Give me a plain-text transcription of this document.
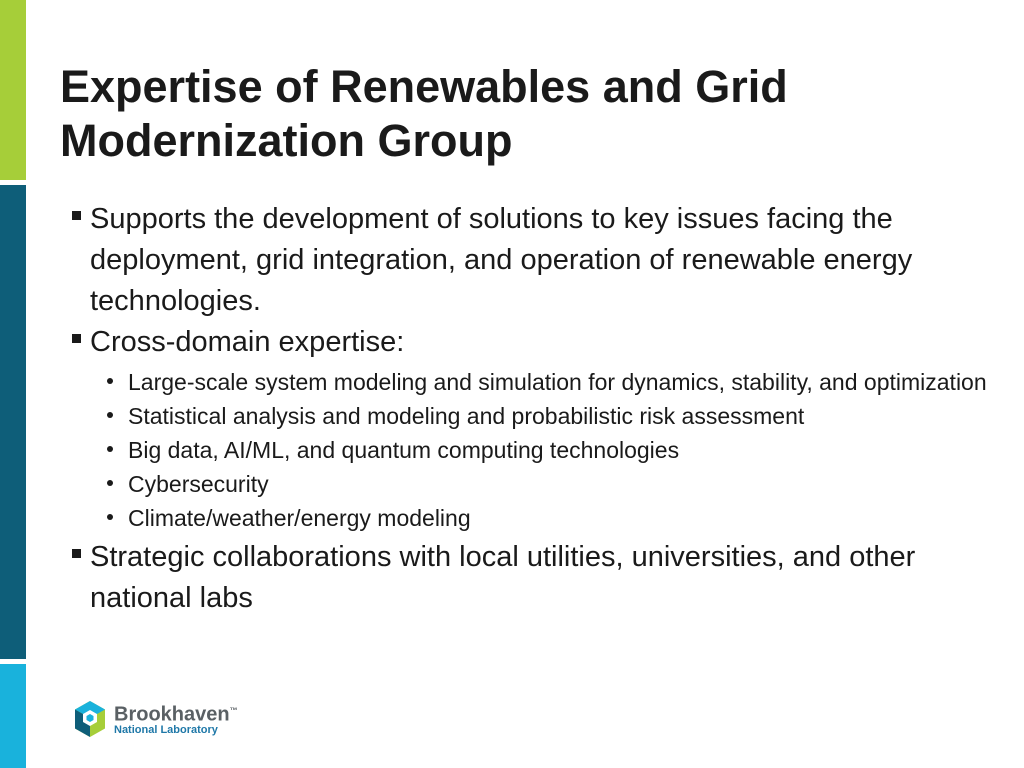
Expertise of Renewables and Grid Modernization Group
Supports the development of solutions to key issues facing the deployment, grid integration, and operation of renewable energy technologies.
Cross-domain expertise:
Large-scale system modeling and simulation for dynamics, stability, and optimization
Statistical analysis and modeling and probabilistic risk assessment
Big data, AI/ML, and quantum computing technologies
Cybersecurity
Climate/weather/energy modeling
Strategic collaborations with local utilities, universities, and other national labs
Brookhaven™
National Laboratory
